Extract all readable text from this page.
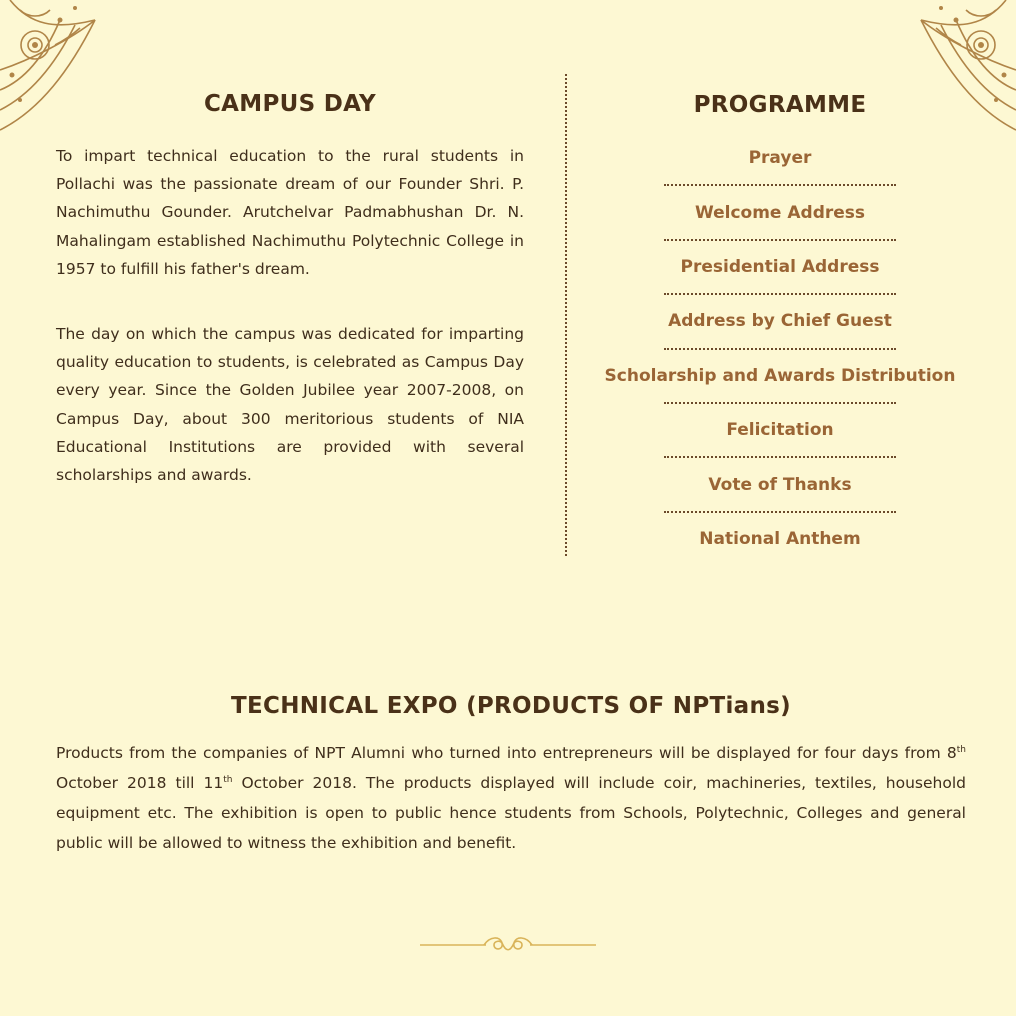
CAMPUS DAY

To impart technical education to the rural students in Pollachi was the passionate dream of our Founder Shri. P. Nachimuthu Gounder. Arutchelvar Padmabhushan Dr. N. Mahalingam established Nachimuthu Polytechnic College in 1957 to fulfill his father's dream.

The day on which the campus was dedicated for imparting quality education to students, is celebrated as Campus Day every year. Since the Golden Jubilee year 2007-2008, on Campus Day, about 300 meritorious students of NIA Educational Institutions are provided with several scholarships and awards.

PROGRAMME
Prayer
Welcome Address
Presidential Address
Address by Chief Guest
Scholarship and Awards Distribution
Felicitation
Vote of Thanks
National Anthem
TECHNICAL EXPO (PRODUCTS OF NPTians)

Products from the companies of NPT Alumni who turned into entrepreneurs will be displayed for four days from 8th October 2018 till 11th October 2018. The products displayed will include coir, machineries, textiles, household equipment etc. The exhibition is open to public hence students from Schools, Polytechnic, Colleges and general public will be allowed to witness the exhibition and benefit.
